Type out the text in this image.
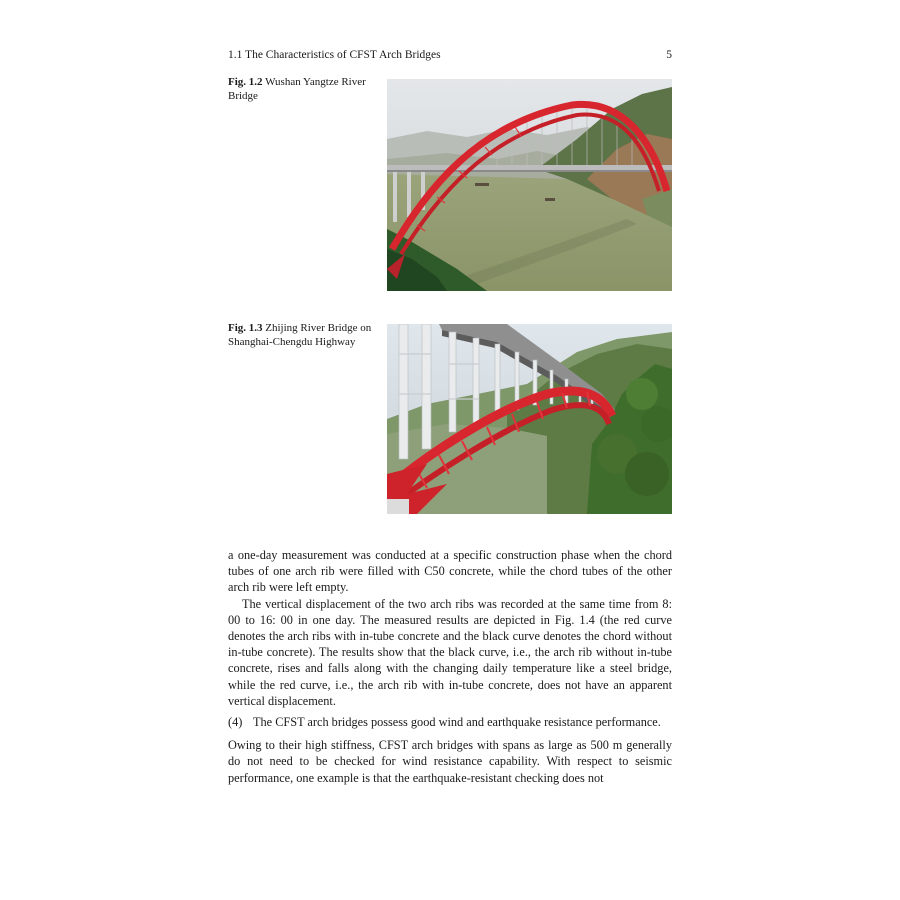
1.1 The Characteristics of CFST Arch Bridges	5
Fig. 1.2 Wushan Yangtze River Bridge
Fig. 1.3 Zhijing River Bridge on Shanghai-Chengdu Highway

a one-day measurement was conducted at a specific construction phase when the chord tubes of one arch rib were filled with C50 concrete, while the chord tubes of the other arch rib were left empty.

The vertical displacement of the two arch ribs was recorded at the same time from 8: 00 to 16: 00 in one day. The measured results are depicted in Fig. 1.4 (the red curve denotes the arch ribs with in-tube concrete and the black curve denotes the chord without in-tube concrete). The results show that the black curve, i.e., the arch rib without in-tube concrete, rises and falls along with the changing daily temperature like a steel bridge, while the red curve, i.e., the arch rib with in-tube concrete, does not have an apparent vertical displacement.

(4) The CFST arch bridges possess good wind and earthquake resistance performance.

Owing to their high stiffness, CFST arch bridges with spans as large as 500 m generally do not need to be checked for wind resistance capability. With respect to seismic performance, one example is that the earthquake-resistant checking does not
